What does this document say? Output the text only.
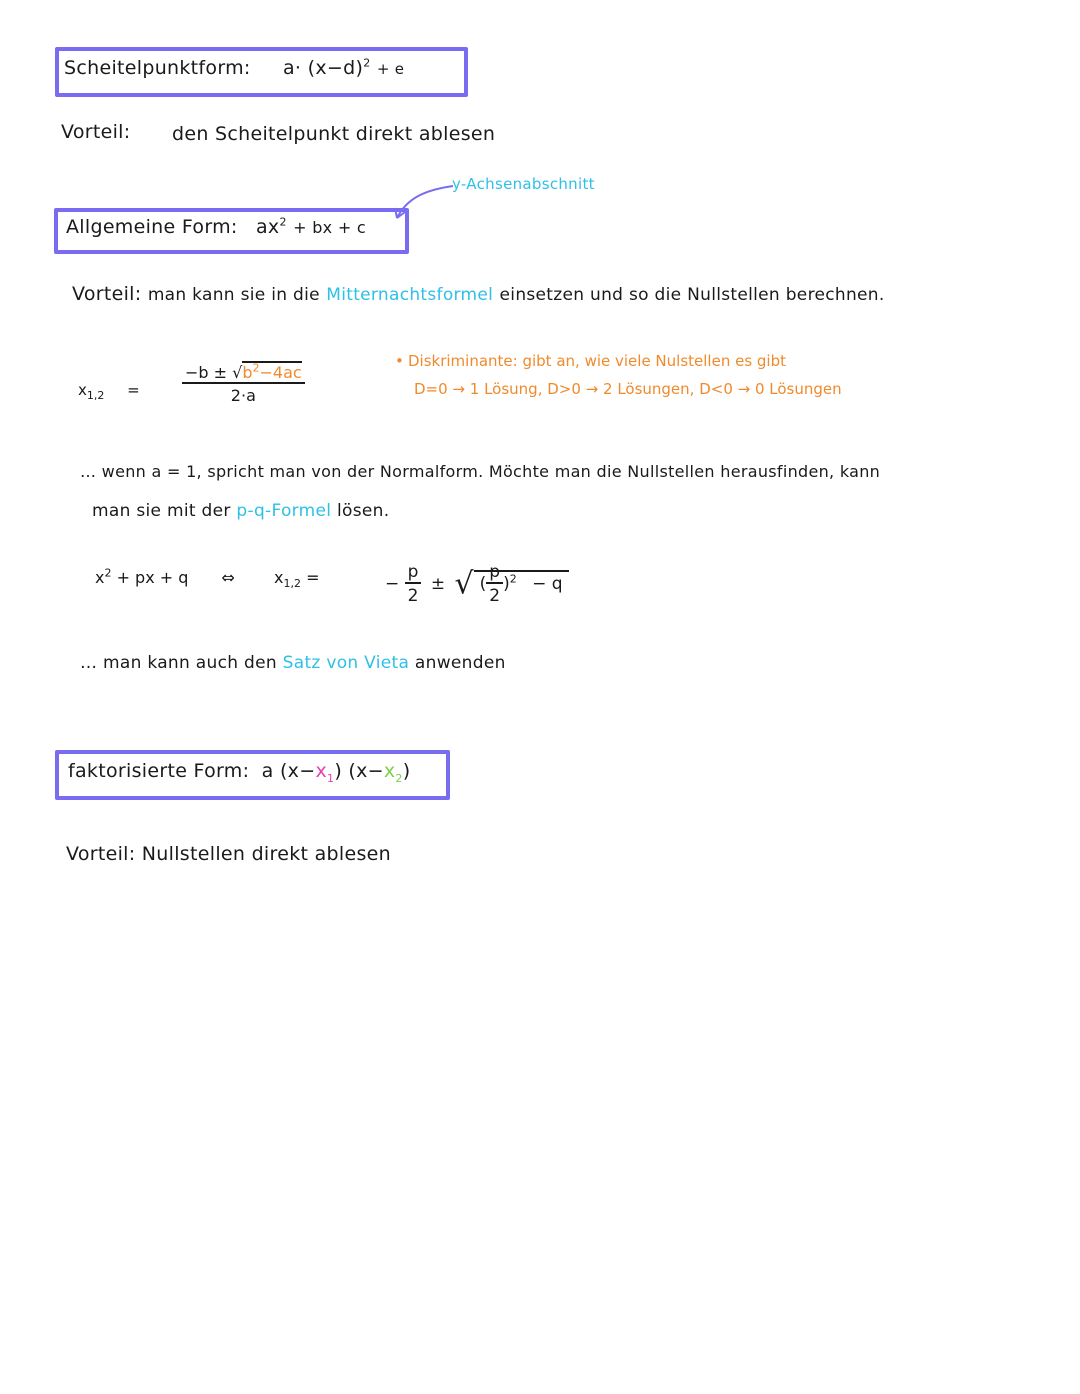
Scheitelpunktform: $a\cdot (x-d)^2 + e$
Vorteil: den Scheitelpunkt direkt ablesen
y-Achsenabschnitt
Allgemeine Form: $ax^2$ + bx + c
Vorteil: man kann sie in die Mitternachtsformel einsetzen und so die Nullstellen berechnen.
$x_{1,2}$ =	$\frac{-b \pm √b^2-4ac}{2\cdot a}$
• Diskriminante: gibt an, wie viele Nulstellen es gibt
D=0 → 1 Lösung, D>0 → 2 Lösungen, D<0 → 0 Lösungen
… wenn a = 1, spricht man von der Normalform. Möchte man die Nullstellen herausfinden, kann
man sie mit der p-q-Formel lösen.
$x^2$ + px + q ⇔ $x_{1,2}$ =	− $\frac{p}{2}$ ± √ ( $\frac{p}{2} )^2 - q$
… man kann auch den Satz von Vieta anwenden
faktorisierte Form: a $(x-x_1)$ $(x-x_2)$
Vorteil: Nullstellen direkt ablesen
